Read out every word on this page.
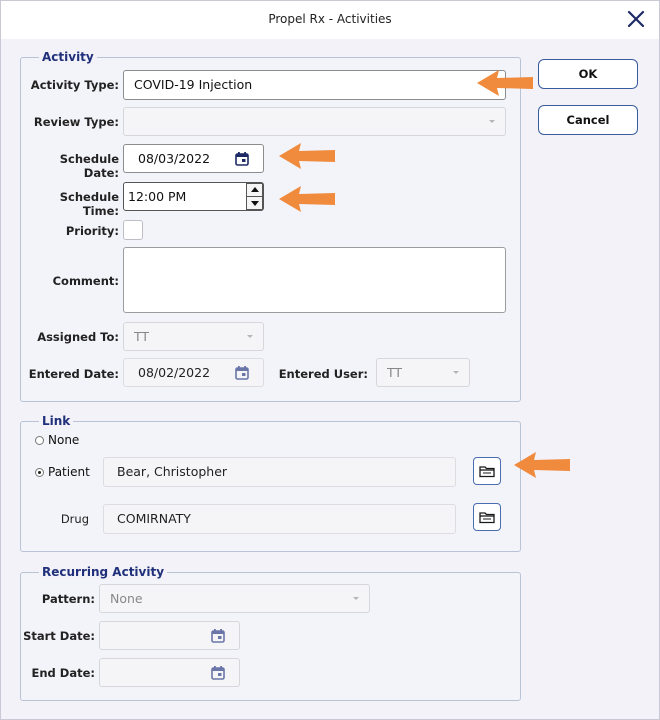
Propel Rx - Activities
OK
Cancel
Activity
Activity Type:	COVID-19 Injection
Review Type:
Schedule Date:
08/03/2022
Schedule Time:
12:00 PM
Priority:
Comment:
Assigned To:	TT
Entered Date:	08/02/2022	Entered User:	TT
Link
None
Patient	Bear, Christopher
Drug	COMIRNATY
Recurring Activity
Pattern:	None
Start Date:
End Date:
